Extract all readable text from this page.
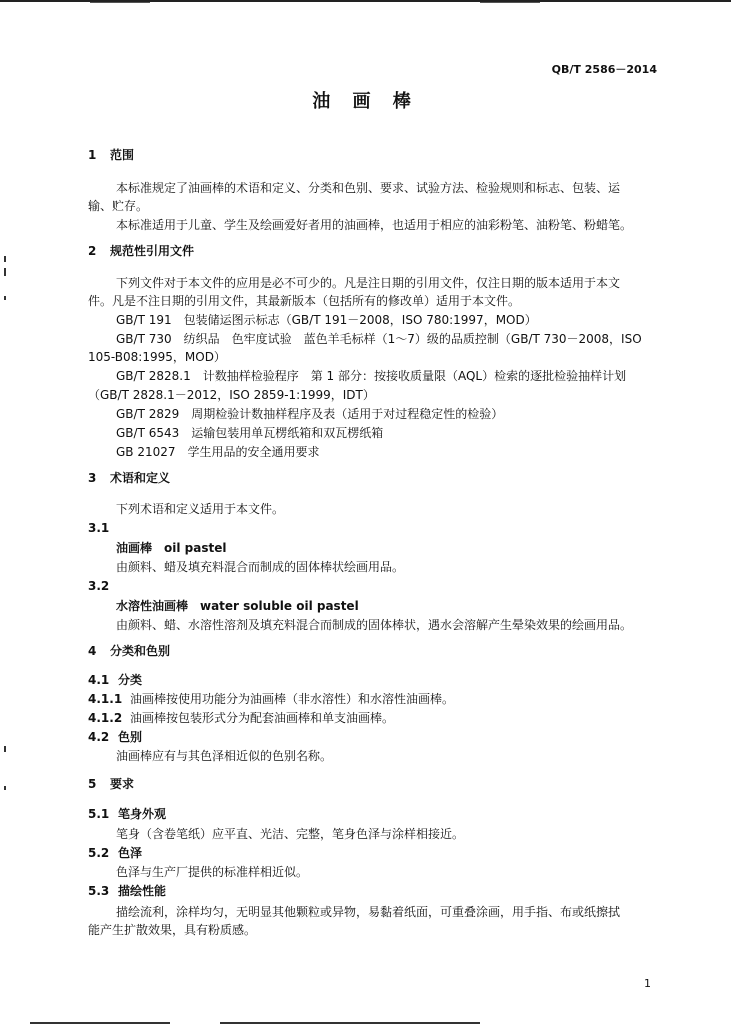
QB/T 2586－2014
油 画 棒
1 范围
本标准规定了油画棒的术语和定义、分类和色别、要求、试验方法、检验规则和标志、包装、运
输、贮存。
本标准适用于儿童、学生及绘画爱好者用的油画棒，也适用于相应的油彩粉笔、油粉笔、粉蜡笔。
2 规范性引用文件
下列文件对于本文件的应用是必不可少的。凡是注日期的引用文件，仅注日期的版本适用于本文
件。凡是不注日期的引用文件，其最新版本（包括所有的修改单）适用于本文件。
GB/T 191　包装储运图示标志（GB/T 191－2008，ISO 780:1997，MOD）
GB/T 730　纺织品　色牢度试验　蓝色羊毛标样（1～7）级的品质控制（GB/T 730－2008，ISO
105-B08:1995，MOD）
GB/T 2828.1　计数抽样检验程序　第 1 部分：按接收质量限（AQL）检索的逐批检验抽样计划
（GB/T 2828.1－2012，ISO 2859-1:1999，IDT）
GB/T 2829　周期检验计数抽样程序及表（适用于对过程稳定性的检验）
GB/T 6543　运输包装用单瓦楞纸箱和双瓦楞纸箱
GB 21027　学生用品的安全通用要求
3 术语和定义
下列术语和定义适用于本文件。
3.1
油画棒　oil pastel
由颜料、蜡及填充料混合而制成的固体棒状绘画用品。
3.2
水溶性油画棒　water soluble oil pastel
由颜料、蜡、水溶性溶剂及填充料混合而制成的固体棒状，遇水会溶解产生晕染效果的绘画用品。
4 分类和色别
4.1 分类
4.1.1 油画棒按使用功能分为油画棒（非水溶性）和水溶性油画棒。
4.1.2 油画棒按包装形式分为配套油画棒和单支油画棒。
4.2 色别
油画棒应有与其色泽相近似的色别名称。
5 要求
5.1 笔身外观
笔身（含卷笔纸）应平直、光洁、完整，笔身色泽与涂样相接近。
5.2 色泽
色泽与生产厂提供的标准样相近似。
5.3 描绘性能
描绘流利，涂样均匀，无明显其他颗粒或异物，易黏着纸面，可重叠涂画，用手指、布或纸擦拭
能产生扩散效果，具有粉质感。
1
